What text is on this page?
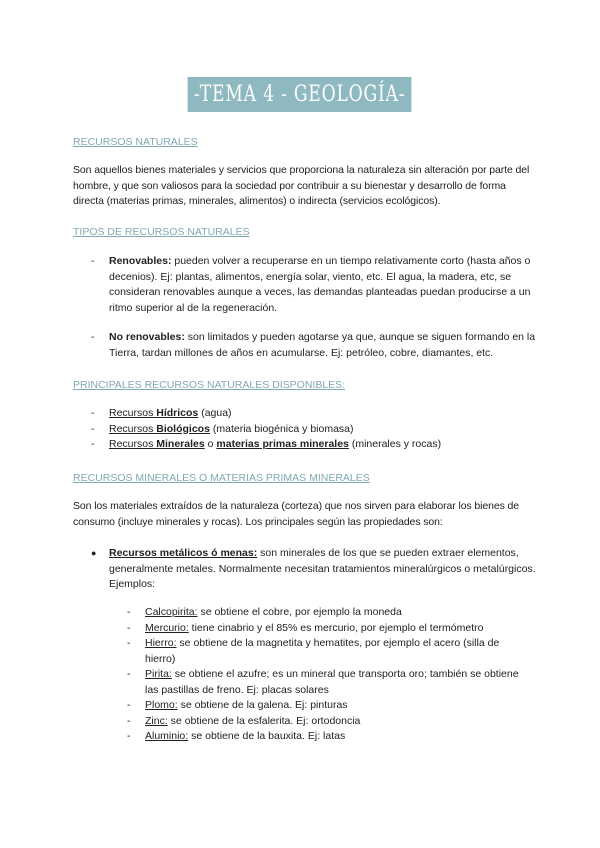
-TEMA 4 - GEOLOGÍA-

RECURSOS NATURALES

Son aquellos bienes materiales y servicios que proporciona la naturaleza sin alteración por parte del hombre, y que son valiosos para la sociedad por contribuir a su bienestar y desarrollo de forma directa (materias primas, minerales, alimentos) o indirecta (servicios ecológicos).

TIPOS DE RECURSOS NATURALES

- Renovables: pueden volver a recuperarse en un tiempo relativamente corto (hasta años o decenios). Ej: plantas, alimentos, energía solar, viento, etc. El agua, la madera, etc, se consideran renovables aunque a veces, las demandas planteadas puedan producirse a un ritmo superior al de la regeneración.
- No renovables: son limitados y pueden agotarse ya que, aunque se siguen formando en la Tierra, tardan millones de años en acumularse. Ej: petróleo, cobre, diamantes, etc.

PRINCIPALES RECURSOS NATURALES DISPONIBLES:

- Recursos Hídricos (agua)
- Recursos Biológicos (materia biogénica y biomasa)
- Recursos Minerales o materias primas minerales (minerales y rocas)

RECURSOS MINERALES O MATERIAS PRIMAS MINERALES

Son los materiales extraídos de la naturaleza (corteza) que nos sirven para elaborar los bienes de consumo (incluye minerales y rocas). Los principales según las propiedades son:

● Recursos metálicos ó menas: son minerales de los que se pueden extraer elementos, generalmente metales. Normalmente necesitan tratamientos mineralúrgicos o metalúrgicos. Ejemplos:

- Calcopirita: se obtiene el cobre, por ejemplo la moneda
- Mercurio: tiene cinabrio y el 85% es mercurio, por ejemplo el termómetro
- Hierro: se obtiene de la magnetita y hematites, por ejemplo el acero (silla de hierro)
- Pirita: se obtiene el azufre; es un mineral que transporta oro; también se obtiene las pastillas de freno. Ej: placas solares
- Plomo: se obtiene de la galena. Ej: pinturas
- Zinc: se obtiene de la esfalerita. Ej: ortodoncia
- Aluminio: se obtiene de la bauxita. Ej: latas
